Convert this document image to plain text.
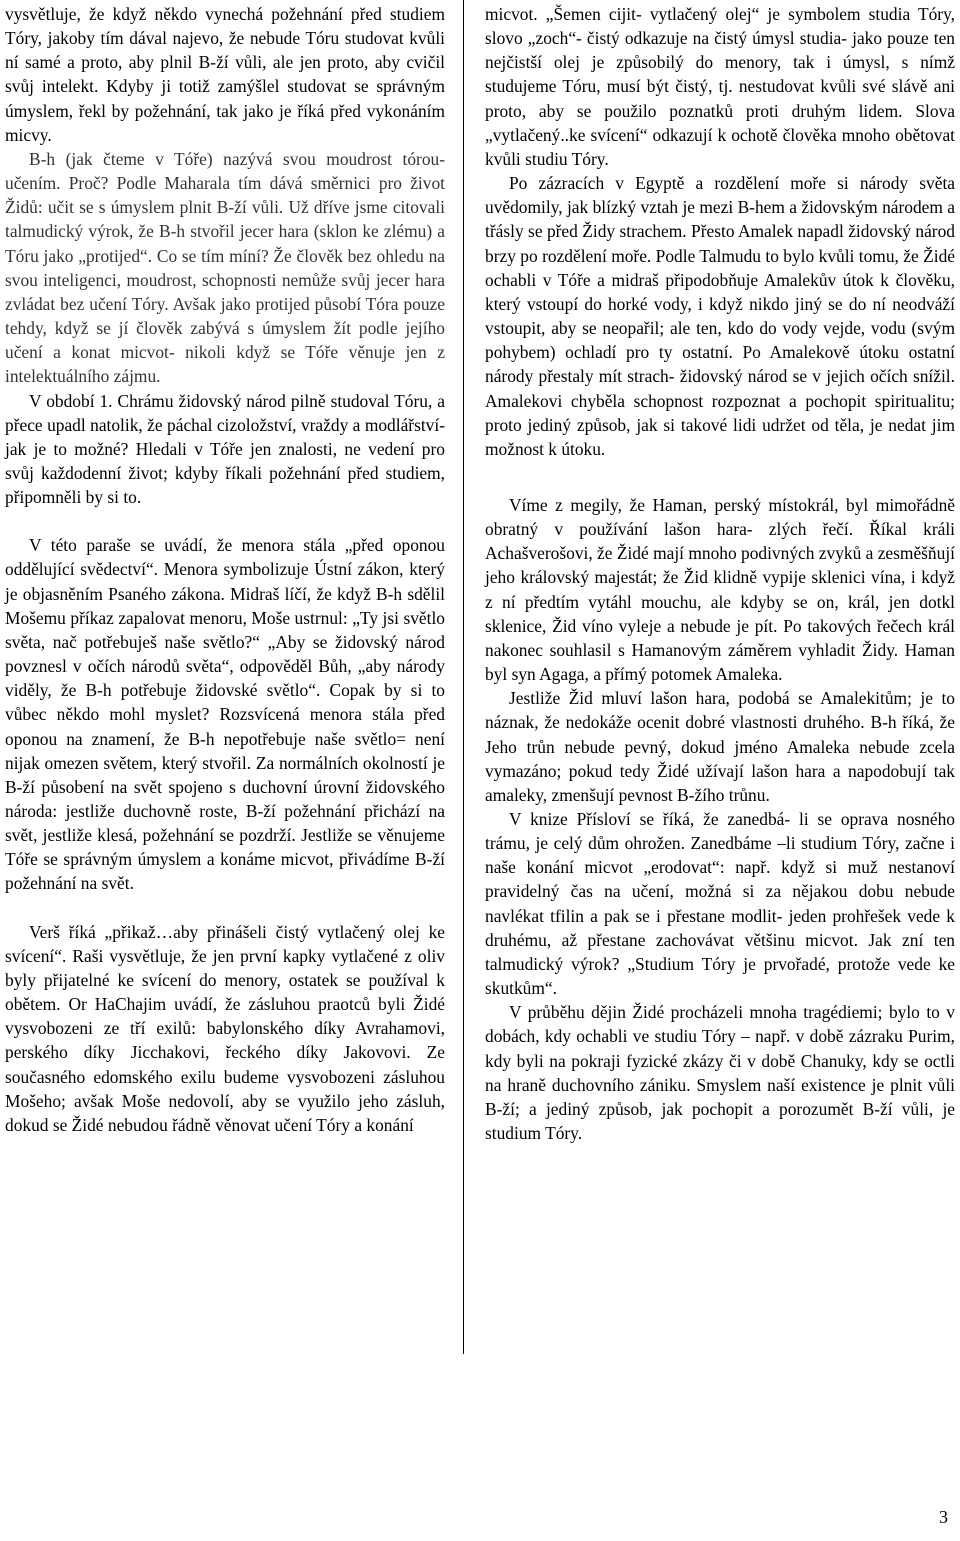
vysvětluje, že když někdo vynechá požehnání před studiem Tóry, jakoby tím dával najevo, že nebude Tóru studovat kvůli ní samé a proto, aby plnil B-ží vůli, ale jen proto, aby cvičil svůj intelekt. Kdyby ji totiž zamýšlel studovat se správným úmyslem, řekl by požehnání, tak jako je říká před vykonáním micvy.

B-h (jak čteme v Tóře) nazývá svou moudrost tórou- učením. Proč? Podle Maharala tím dává směrnici pro život Židů: učit se s úmyslem plnit B-ží vůli. Už dříve jsme citovali talmudický výrok, že B-h stvořil jecer hara (sklon ke zlému) a Tóru jako „protijed“. Co se tím míní? Že člověk bez ohledu na svou inteligenci, moudrost, schopnosti nemůže svůj jecer hara zvládat bez učení Tóry. Avšak jako protijed působí Tóra pouze tehdy, když se jí člověk zabývá s úmyslem žít podle jejího učení a konat micvot- nikoli když se Tóře věnuje jen z intelektuálního zájmu.

V období 1. Chrámu židovský národ pilně studoval Tóru, a přece upadl natolik, že páchal cizoložství, vraždy a modlářství- jak je to možné? Hledali v Tóře jen znalosti, ne vedení pro svůj každodenní život; kdyby říkali požehnání před studiem, připomněli by si to.

V této paraše se uvádí, že menora stála „před oponou oddělující svědectví“. Menora symbolizuje Ústní zákon, který je objasněním Psaného zákona. Midraš líčí, že když B-h sdělil Mošemu příkaz zapalovat menoru, Moše ustrnul: „Ty jsi světlo světa, nač potřebuješ naše světlo?“ „Aby se židovský národ povznesl v očích národů světa“, odpověděl Bůh, „aby národy viděly, že B-h potřebuje židovské světlo“. Copak by si to vůbec někdo mohl myslet? Rozsvícená menora stála před oponou na znamení, že B-h nepotřebuje naše světlo= není nijak omezen světem, který stvořil. Za normálních okolností je B-ží působení na svět spojeno s duchovní úrovní židovského národa: jestliže duchovně roste, B-ží požehnání přichází na svět, jestliže klesá, požehnání se pozdrží. Jestliže se věnujeme Tóře se správným úmyslem a konáme micvot, přivádíme B-ží požehnání na svět.

Verš říká „přikaž…aby přinášeli čistý vytlačený olej ke svícení“. Raši vysvětluje, že jen první kapky vytlačené z oliv byly přijatelné ke svícení do menory, ostatek se používal k obětem. Or HaChajim uvádí, že zásluhou praotců byli Židé vysvobozeni ze tří exilů: babylonského díky Avrahamovi, perského díky Jicchakovi, řeckého díky Jakovovi. Ze současného edomského exilu budeme vysvobozeni zásluhou Mošeho; avšak Moše nedovolí, aby se využilo jeho zásluh, dokud se Židé nebudou řádně věnovat učení Tóry a konání

micvot. „Šemen cijit- vytlačený olej“ je symbolem studia Tóry, slovo „zoch“- čistý odkazuje na čistý úmysl studia- jako pouze ten nejčistší olej je způsobilý do menory, tak i úmysl, s nímž studujeme Tóru, musí být čistý, tj. nestudovat kvůli své slávě ani proto, aby se použilo poznatků proti druhým lidem. Slova „vytlačený..ke svícení“ odkazují k ochotě člověka mnoho obětovat kvůli studiu Tóry.

Po zázracích v Egyptě a rozdělení moře si národy světa uvědomily, jak blízký vztah je mezi B-hem a židovským národem a třásly se před Židy strachem. Přesto Amalek napadl židovský národ brzy po rozdělení moře. Podle Talmudu to bylo kvůli tomu, že Židé ochabli v Tóře a midraš připodobňuje Amalekův útok k člověku, který vstoupí do horké vody, i když nikdo jiný se do ní neodváží vstoupit, aby se neopařil; ale ten, kdo do vody vejde, vodu (svým pohybem) ochladí pro ty ostatní. Po Amalekově útoku ostatní národy přestaly mít strach- židovský národ se v jejich očích snížil. Amalekovi chyběla schopnost rozpoznat a pochopit spiritualitu; proto jediný způsob, jak si takové lidi udržet od těla, je nedat jim možnost k útoku.

Víme z megily, že Haman, perský místokrál, byl mimořádně obratný v používání lašon hara- zlých řečí. Říkal králi Achašverošovi, že Židé mají mnoho podivných zvyků a zesměšňují jeho královský majestát; že Žid klidně vypije sklenici vína, i když z ní předtím vytáhl mouchu, ale kdyby se on, král, jen dotkl sklenice, Žid víno vyleje a nebude je pít. Po takových řečech král nakonec souhlasil s Hamanovým záměrem vyhladit Židy. Haman byl syn Agaga, a přímý potomek Amaleka.

Jestliže Žid mluví lašon hara, podobá se Amalekitům; je to náznak, že nedokáže ocenit dobré vlastnosti druhého. B-h říká, že Jeho trůn nebude pevný, dokud jméno Amaleka nebude zcela vymazáno; pokud tedy Židé užívají lašon hara a napodobují tak amaleky, zmenšují pevnost B-žího trůnu.

V knize Přísloví se říká, že zanedbá- li se oprava nosného trámu, je celý dům ohrožen. Zanedbáme –li studium Tóry, začne i naše konání micvot „erodovat“: např. když si muž nestanoví pravidelný čas na učení, možná si za nějakou dobu nebude navlékat tfilin a pak se i přestane modlit- jeden prohřešek vede k druhému, až přestane zachovávat většinu micvot. Jak zní ten talmudický výrok? „Studium Tóry je prvořadé, protože vede ke skutkům“.

V průběhu dějin Židé procházeli mnoha tragédiemi; bylo to v dobách, kdy ochabli ve studiu Tóry – např. v době zázraku Purim, kdy byli na pokraji fyzické zkázy či v době Chanuky, kdy se octli na hraně duchovního zániku. Smyslem naší existence je plnit vůli B-ží; a jediný způsob, jak pochopit a porozumět B-ží vůli, je studium Tóry.

3
